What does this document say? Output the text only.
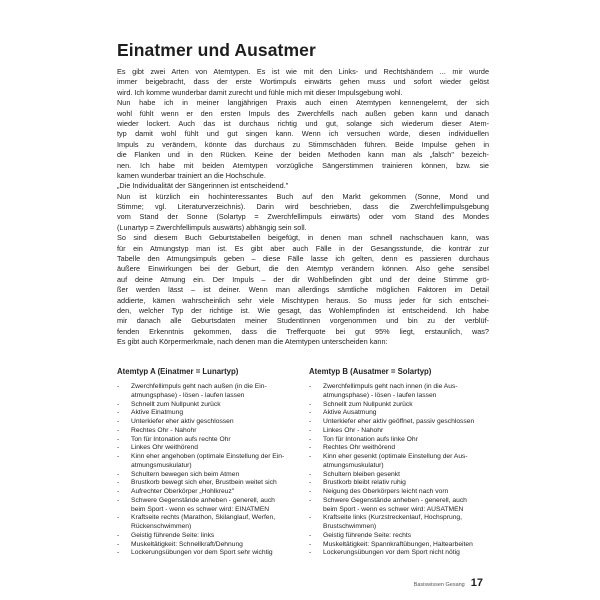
Einatmer und Ausatmer
Es gibt zwei Arten von Atemtypen. Es ist wie mit den Links- und Rechtshändern ... mir wurde
immer beigebracht, dass der erste Wortimpuls einwärts gehen muss und sofort wieder gelöst
wird. Ich komme wunderbar damit zurecht und fühle mich mit dieser Impulsgebung wohl.
Nun habe ich in meiner langjährigen Praxis auch einen Atemtypen kennengelernt, der sich
wohl fühlt wenn er den ersten Impuls des Zwerchfells nach außen geben kann und danach
wieder lockert. Auch das ist durchaus richtig und gut, solange sich wiederum dieser Atem-
typ damit wohl fühlt und gut singen kann. Wenn ich versuchen würde, diesen individuellen
Impuls zu verändern, könnte das durchaus zu Stimmschäden führen. Beide Impulse gehen in
die Flanken und in den Rücken. Keine der beiden Methoden kann man als „falsch" bezeich-
nen. Ich habe mit beiden Atemtypen vorzügliche Sängerstimmen trainieren können, bzw. sie
kamen wunderbar trainiert an die Hochschule.
„Die Individualität der Sängerinnen ist entscheidend."
Nun ist kürzlich ein hochinteressantes Buch auf den Markt gekommen (Sonne, Mond und
Stimme; vgl. Literaturverzeichnis). Darin wird beschrieben, dass die Zwerchfellimpulsgebung
vom Stand der Sonne (Solartyp = Zwerchfellimpuls einwärts) oder vom Stand des Mondes
(Lunartyp = Zwerchfellimpuls auswärts) abhängig sein soll.
So sind diesem Buch Geburtstabellen beigefügt, in denen man schnell nachschauen kann, was
für ein Atmungstyp man ist. Es gibt aber auch Fälle in der Gesangsstunde, die konträr zur
Tabelle den Atmungsimpuls geben – diese Fälle lasse ich gelten, denn es passieren durchaus
äußere Einwirkungen bei der Geburt, die den Atemtyp verändern können. Also gehe sensibel
auf deine Atmung ein. Der Impuls – der dir Wohlbefinden gibt und der deine Stimme grö-
ßer werden lässt – ist deiner. Wenn man allerdings sämtliche möglichen Faktoren im Detail
addierte, kämen wahrscheinlich sehr viele Mischtypen heraus. So muss jeder für sich entschei-
den, welcher Typ der richtige ist. Wie gesagt, das Wohlempfinden ist entscheidend. Ich habe
mir danach alle Geburtsdaten meiner StudentInnen vorgenommen und bin zu der verblüf-
fenden Erkenntnis gekommen, dass die Trefferquote bei gut 95% liegt, erstaunlich, was?
Es gibt auch Körpermerkmale, nach denen man die Atemtypen unterscheiden kann:
Atemtyp A (Einatmer = Lunartyp)
- Zwerchfellimpuls geht nach außen (in die Ein-
atmungsphase) - lösen - laufen lassen
- Schnellt zum Nullpunkt zurück
- Aktive Einatmung
- Unterkiefer eher aktiv geschlossen
- Rechtes Ohr - Nahohr
- Ton für Intonation aufs rechte Ohr
- Linkes Ohr weithörend
- Kinn eher angehoben (optimale Einstellung der Ein-
atmungsmuskulatur)
- Schultern bewegen sich beim Atmen
- Brustkorb bewegt sich eher, Brustbein weitet sich
- Aufrechter Oberkörper „Hohlkreuz"
- Schwere Gegenstände anheben - generell, auch
beim Sport - wenn es schwer wird: EINATMEN
- Kraftseite rechts (Marathon, Skilanglauf, Werfen,
Rückenschwimmen)
- Geistig führende Seite: links
- Muskeltätigkeit: Schnellkraft/Dehnung
- Lockerungsübungen vor dem Sport sehr wichtig
Atemtyp B (Ausatmer = Solartyp)
- Zwerchfellimpuls geht nach innen (in die Aus-
atmungsphase) - lösen - laufen lassen
- Schnellt zum Nullpunkt zurück
- Aktive Ausatmung
- Unterkiefer eher aktiv geöffnet, passiv geschlossen
- Linkes Ohr - Nahohr
- Ton für Intonation aufs linke Ohr
- Rechtes Ohr weithörend
- Kinn eher gesenkt (optimale Einstellung der Aus-
atmungsmuskulatur)
- Schultern bleiben gesenkt
- Brustkorb bleibt relativ ruhig
- Neigung des Oberkörpers leicht nach vorn
- Schwere Gegenstände anheben - generell, auch
beim Sport - wenn es schwer wird: AUSATMEN
- Kraftseite links (Kurzstreckenlauf, Hochsprung,
Brustschwimmen)
- Geistig führende Seite: rechts
- Muskeltätigkeit: Spannkraftübungen, Haltearbeiten
- Lockerungsübungen vor dem Sport nicht nötig
Basiswissen Gesang 17
